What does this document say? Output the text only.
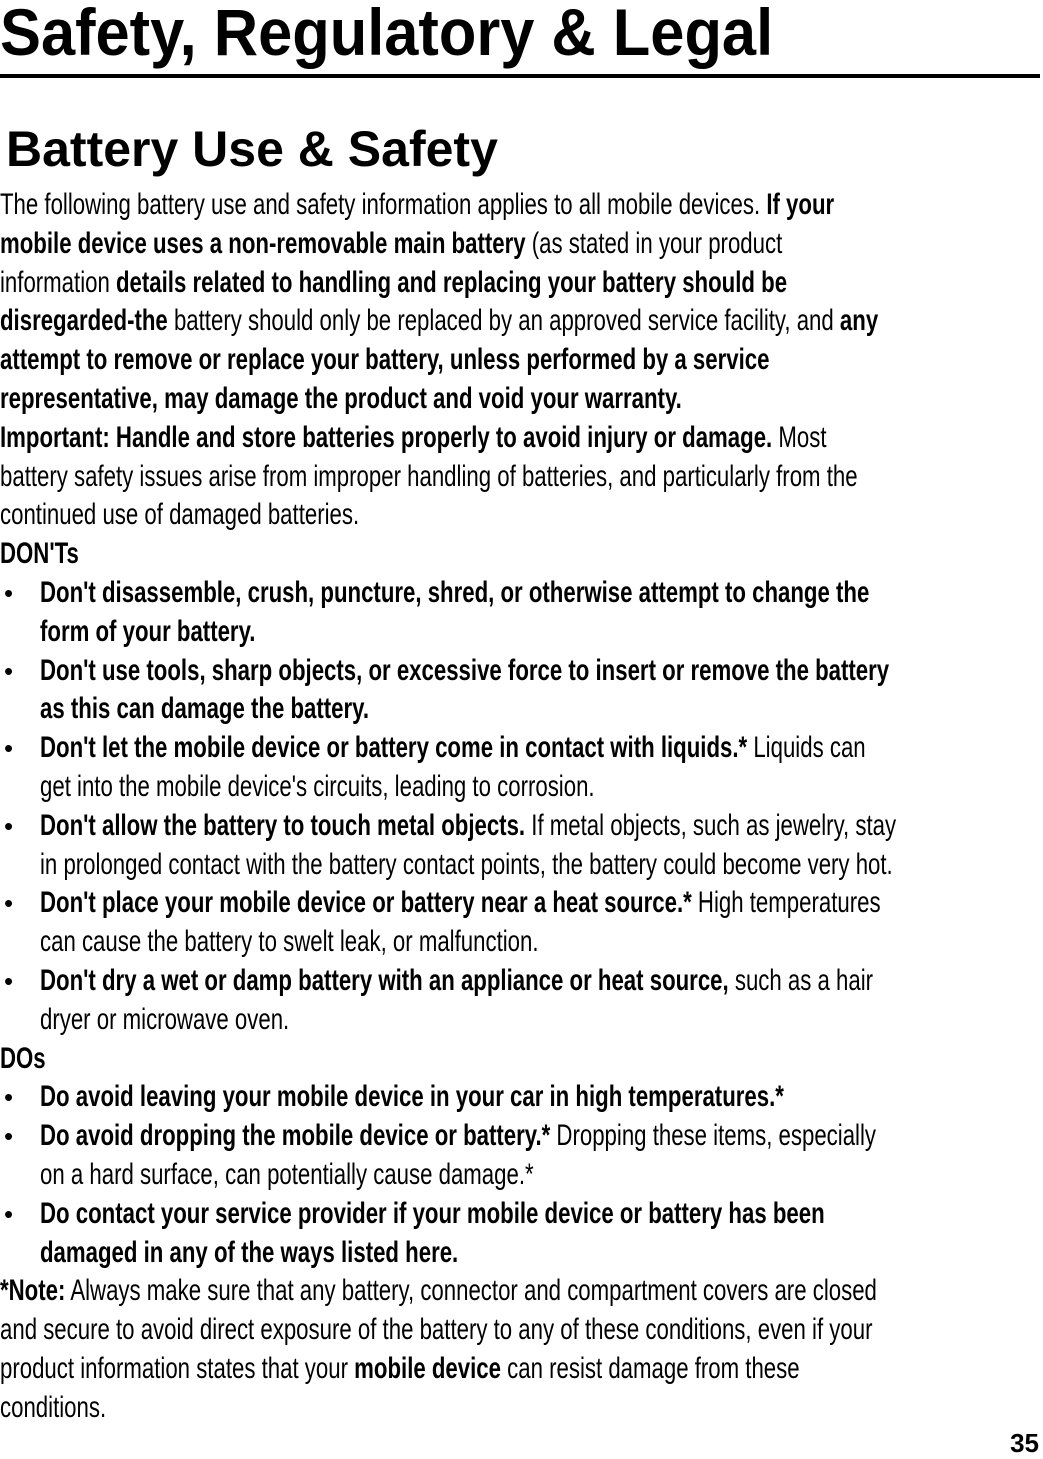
Safety, Regulatory & Legal
Battery Use & Safety
The following battery use and safety information applies to all mobile devices. If your
mobile device uses a non-removable main battery (as stated in your product
information details related to handling and replacing your battery should be
disregarded-the battery should only be replaced by an approved service facility, and any
attempt to remove or replace your battery, unless performed by a service
representative, may damage the product and void your warranty.
Important: Handle and store batteries properly to avoid injury or damage. Most
battery safety issues arise from improper handling of batteries, and particularly from the
continued use of damaged batteries.
DON'Ts
• Don't disassemble, crush, puncture, shred, or otherwise attempt to change the
form of your battery.
• Don't use tools, sharp objects, or excessive force to insert or remove the battery
as this can damage the battery.
• Don't let the mobile device or battery come in contact with liquids.* Liquids can
get into the mobile device's circuits, leading to corrosion.
• Don't allow the battery to touch metal objects. If metal objects, such as jewelry, stay
in prolonged contact with the battery contact points, the battery could become very hot.
• Don't place your mobile device or battery near a heat source.* High temperatures
can cause the battery to swelt leak, or malfunction.
• Don't dry a wet or damp battery with an appliance or heat source, such as a hair
dryer or microwave oven.
DOs
• Do avoid leaving your mobile device in your car in high temperatures.*
• Do avoid dropping the mobile device or battery.* Dropping these items, especially
on a hard surface, can potentially cause damage.*
• Do contact your service provider if your mobile device or battery has been
damaged in any of the ways listed here.
*Note: Always make sure that any battery, connector and compartment covers are closed
and secure to avoid direct exposure of the battery to any of these conditions, even if your
product information states that your mobile device can resist damage from these
conditions.
35
